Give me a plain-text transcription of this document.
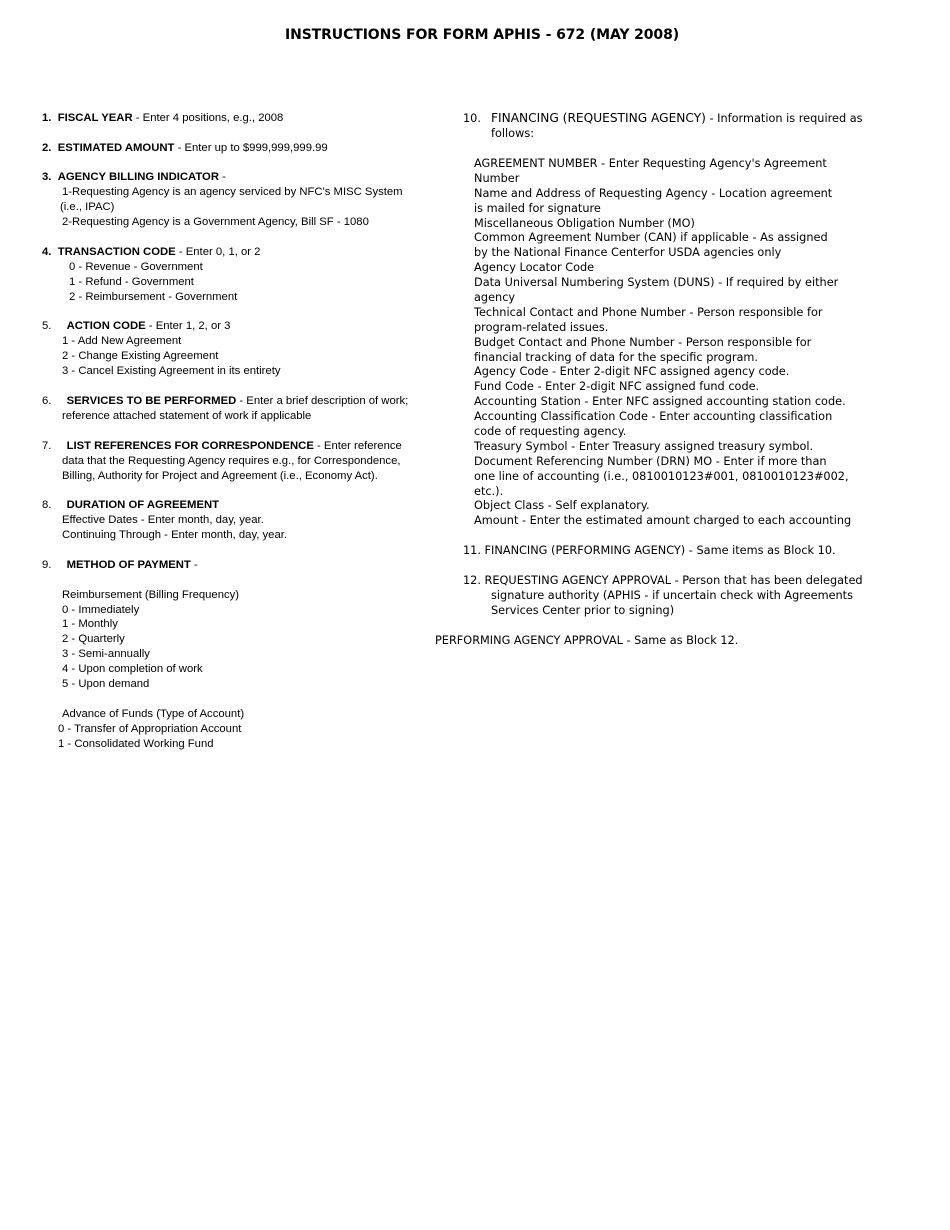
INSTRUCTIONS FOR FORM APHIS - 672 (MAY 2008)
1. FISCAL YEAR - Enter 4 positions, e.g., 2008
2. ESTIMATED AMOUNT - Enter up to $999,999,999.99
3. AGENCY BILLING INDICATOR -
1-Requesting Agency is an agency serviced by NFC's MISC System
(i.e., IPAC)
2-Requesting Agency is a Government Agency, Bill SF - 1080
4. TRANSACTION CODE - Enter 0, 1, or 2
0 - Revenue - Government
1 - Refund - Government
2 - Reimbursement - Government
5. ACTION CODE - Enter 1, 2, or 3
1 - Add New Agreement
2 - Change Existing Agreement
3 - Cancel Existing Agreement in its entirety
6. SERVICES TO BE PERFORMED - Enter a brief description of work;
reference attached statement of work if applicable
7. LIST REFERENCES FOR CORRESPONDENCE - Enter reference
data that the Requesting Agency requires e.g., for Correspondence,
Billing, Authority for Project and Agreement (i.e., Economy Act).
8. DURATION OF AGREEMENT
Effective Dates - Enter month, day, year.
Continuing Through - Enter month, day, year.
9. METHOD OF PAYMENT -
Reimbursement (Billing Frequency)
0 - Immediately
1 - Monthly
2 - Quarterly
3 - Semi-annually
4 - Upon completion of work
5 - Upon demand
Advance of Funds (Type of Account)
0 - Transfer of Appropriation Account
1 - Consolidated Working Fund
10. FINANCING (REQUESTING AGENCY) - Information is required as
follows:
AGREEMENT NUMBER - Enter Requesting Agency's Agreement
Number
Name and Address of Requesting Agency - Location agreement
is mailed for signature
Miscellaneous Obligation Number (MO)
Common Agreement Number (CAN) if applicable - As assigned
by the National Finance Centerfor USDA agencies only
Agency Locator Code
Data Universal Numbering System (DUNS) - If required by either
agency
Technical Contact and Phone Number - Person responsible for
program-related issues.
Budget Contact and Phone Number - Person responsible for
financial tracking of data for the specific program.
Agency Code - Enter 2-digit NFC assigned agency code.
Fund Code - Enter 2-digit NFC assigned fund code.
Accounting Station - Enter NFC assigned accounting station code.
Accounting Classification Code - Enter accounting classification
code of requesting agency.
Treasury Symbol - Enter Treasury assigned treasury symbol.
Document Referencing Number (DRN) MO - Enter if more than
one line of accounting (i.e., 0810010123#001, 0810010123#002,
etc.).
Object Class - Self explanatory.
Amount - Enter the estimated amount charged to each accounting
11. FINANCING (PERFORMING AGENCY) - Same items as Block 10.
12. REQUESTING AGENCY APPROVAL - Person that has been delegated
signature authority (APHIS - if uncertain check with Agreements
Services Center prior to signing)
PERFORMING AGENCY APPROVAL - Same as Block 12.
